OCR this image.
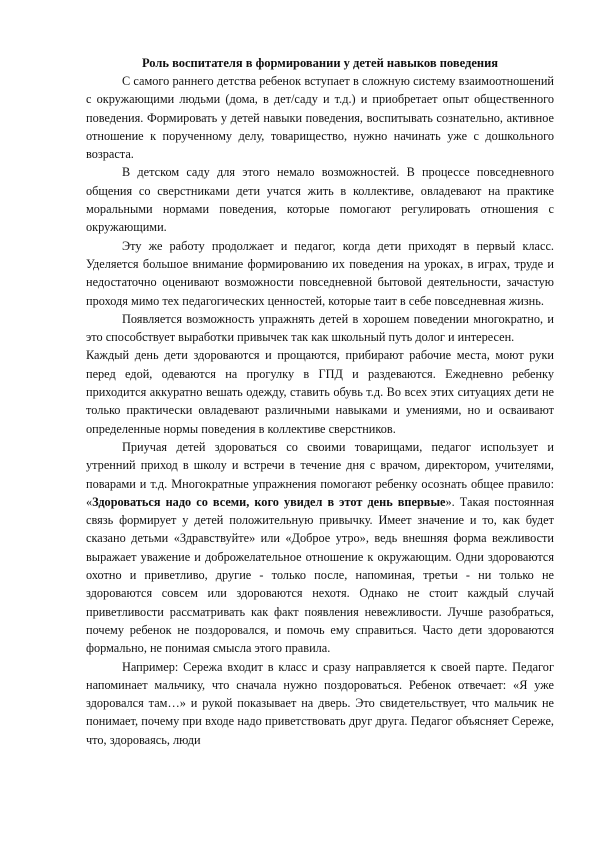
Роль воспитателя в формировании у детей навыков поведения

С самого раннего детства ребенок вступает в сложную систему взаимоотношений с окружающими людьми (дома, в дет/саду и т.д.) и приобретает опыт общественного поведения. Формировать у детей навыки поведения, воспитывать сознательно, активное отношение к порученному делу, товарищество, нужно начинать уже с дошкольного возраста.

В детском саду для этого немало возможностей. В процессе повседневного общения со сверстниками дети учатся жить в коллективе, овладевают на практике моральными нормами поведения, которые помогают регулировать отношения с окружающими.

Эту же работу продолжает и педагог, когда дети приходят в первый класс. Уделяется большое внимание формированию их поведения на уроках, в играх, труде и недостаточно оценивают возможности повседневной бытовой деятельности, зачастую проходя мимо тех педагогических ценностей, которые таит в себе повседневная жизнь.

Появляется возможность упражнять детей в хорошем поведении многократно, и это способствует выработки привычек так как школьный путь долог и интересен.

Каждый день дети здороваются и прощаются, прибирают рабочие места, моют руки перед едой, одеваются на прогулку в ГПД и раздеваются. Ежедневно ребенку приходится аккуратно вешать одежду, ставить обувь т.д. Во всех этих ситуациях дети не только практически овладевают различными навыками и умениями, но и осваивают определенные нормы поведения в коллективе сверстников.

Приучая детей здороваться со своими товарищами, педагог использует и утренний приход в школу и встречи в течение дня с врачом, директором, учителями, поварами и т.д. Многократные упражнения помогают ребенку осознать общее правило: «Здороваться надо со всеми, кого увидел в этот день впервые». Такая постоянная связь формирует у детей положительную привычку. Имеет значение и то, как будет сказано детьми «Здравствуйте» или «Доброе утро», ведь внешняя форма вежливости выражает уважение и доброжелательное отношение к окружающим. Одни здороваются охотно и приветливо, другие - только после, напоминая, третьи - ни только не здороваются совсем или здороваются нехотя. Однако не стоит каждый случай приветливости рассматривать как факт появления невежливости. Лучше разобраться, почему ребенок не поздоровался, и помочь ему справиться. Часто дети здороваются формально, не понимая смысла этого правила.

Например: Сережа входит в класс и сразу направляется к своей парте. Педагог напоминает мальчику, что сначала нужно поздороваться. Ребенок отвечает: «Я уже здоровался там…» и рукой показывает на дверь. Это свидетельствует, что мальчик не понимает, почему при входе надо приветствовать друг друга. Педагог объясняет Сереже, что, здороваясь, люди
